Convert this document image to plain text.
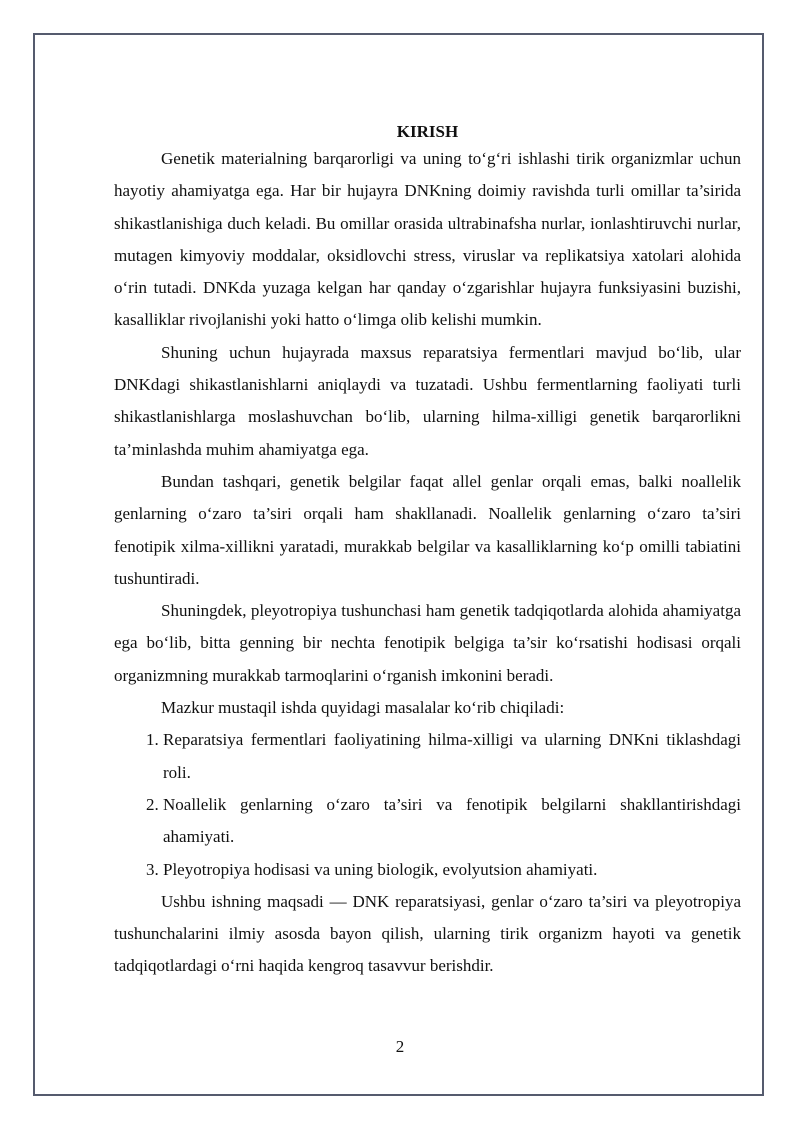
KIRISH

Genetik materialning barqarorligi va uning to‘g‘ri ishlashi tirik organizmlar uchun hayotiy ahamiyatga ega. Har bir hujayra DNKning doimiy ravishda turli omillar ta’sirida shikastlanishiga duch keladi. Bu omillar orasida ultrabinafsha nurlar, ionlashtiruvchi nurlar, mutagen kimyoviy moddalar, oksidlovchi stress, viruslar va replikatsiya xatolari alohida o‘rin tutadi. DNKda yuzaga kelgan har qanday o‘zgarishlar hujayra funksiyasini buzishi, kasalliklar rivojlanishi yoki hatto o‘limga olib kelishi mumkin.

Shuning uchun hujayrada maxsus reparatsiya fermentlari mavjud bo‘lib, ular DNKdagi shikastlanishlarni aniqlaydi va tuzatadi. Ushbu fermentlarning faoliyati turli shikastlanishlarga moslashuvchan bo‘lib, ularning hilma-xilligi genetik barqarorlikni ta’minlashda muhim ahamiyatga ega.

Bundan tashqari, genetik belgilar faqat allel genlar orqali emas, balki noallelik genlarning o‘zaro ta’siri orqali ham shakllanadi. Noallelik genlarning o‘zaro ta’siri fenotipik xilma-xillikni yaratadi, murakkab belgilar va kasalliklarning ko‘p omilli tabiatini tushuntiradi.

Shuningdek, pleyotropiya tushunchasi ham genetik tadqiqotlarda alohida ahamiyatga ega bo‘lib, bitta genning bir nechta fenotipik belgiga ta’sir ko‘rsatishi hodisasi orqali organizmning murakkab tarmoqlarini o‘rganish imkonini beradi.

Mazkur mustaqil ishda quyidagi masalalar ko‘rib chiqiladi:

1. Reparatsiya fermentlari faoliyatining hilma-xilligi va ularning DNKni tiklashdagi roli.
2. Noallelik genlarning o‘zaro ta’siri va fenotipik belgilarni shakllantirishdagi ahamiyati.
3. Pleyotropiya hodisasi va uning biologik, evolyutsion ahamiyati.

Ushbu ishning maqsadi — DNK reparatsiyasi, genlar o‘zaro ta’siri va pleyotropiya tushunchalarini ilmiy asosda bayon qilish, ularning tirik organizm hayoti va genetik tadqiqotlardagi o‘rni haqida kengroq tasavvur berishdir.

2
